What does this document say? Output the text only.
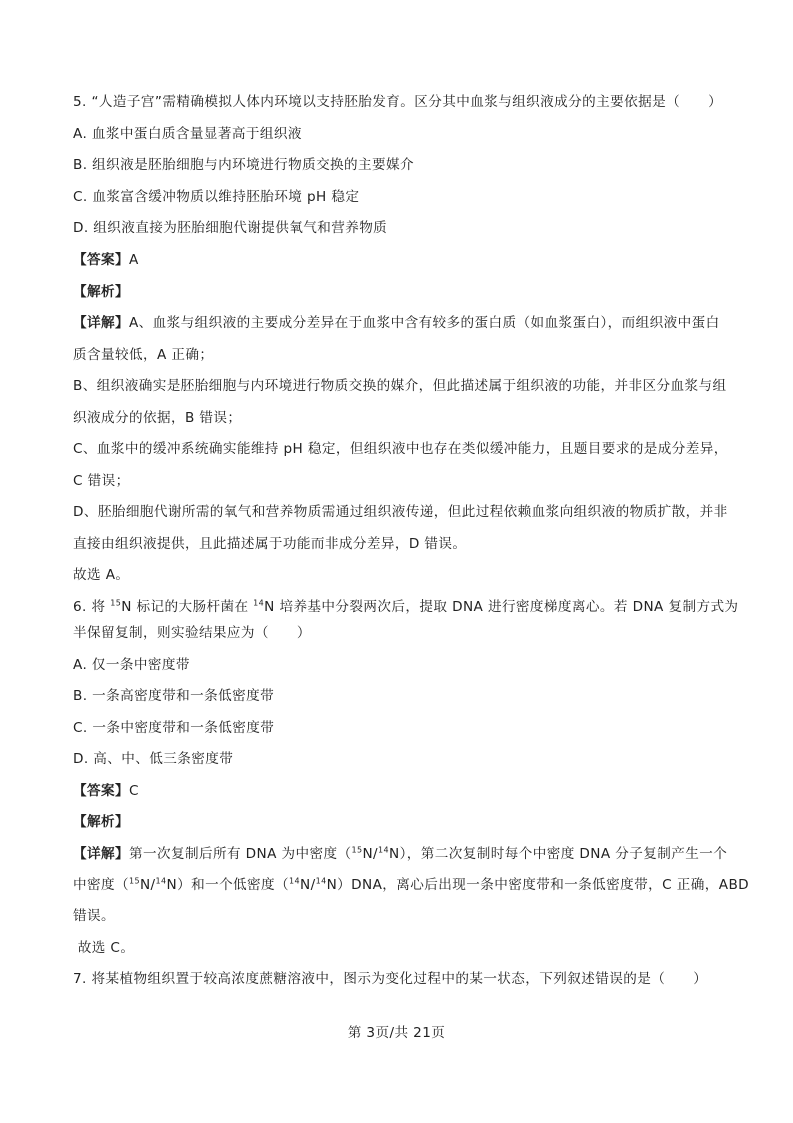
5. “人造子宫”需精确模拟人体内环境以支持胚胎发育。区分其中血浆与组织液成分的主要依据是（　　）
A. 血浆中蛋白质含量显著高于组织液
B. 组织液是胚胎细胞与内环境进行物质交换的主要媒介
C. 血浆富含缓冲物质以维持胚胎环境 pH 稳定
D. 组织液直接为胚胎细胞代谢提供氧气和营养物质
【答案】A
【解析】
【详解】A、血浆与组织液的主要成分差异在于血浆中含有较多的蛋白质（如血浆蛋白），而组织液中蛋白
质含量较低，A 正确；
B、组织液确实是胚胎细胞与内环境进行物质交换的媒介，但此描述属于组织液的功能，并非区分血浆与组
织液成分的依据，B 错误；
C、血浆中的缓冲系统确实能维持 pH 稳定，但组织液中也存在类似缓冲能力，且题目要求的是成分差异，
C 错误；
D、胚胎细胞代谢所需的氧气和营养物质需通过组织液传递，但此过程依赖血浆向组织液的物质扩散，并非
直接由组织液提供，且此描述属于功能而非成分差异，D 错误。
故选 A。
6. 将 $^{15}$N 标记的大肠杆菌在 $^{14}$N 培养基中分裂两次后，提取 DNA 进行密度梯度离心。若 DNA 复制方式为
半保留复制，则实验结果应为（　　）
A. 仅一条中密度带
B. 一条高密度带和一条低密度带
C. 一条中密度带和一条低密度带
D. 高、中、低三条密度带
【答案】C
【解析】
【详解】第一次复制后所有 DNA 为中密度（$^{15}$N/$^{14}$N），第二次复制时每个中密度 DNA 分子复制产生一个
中密度（$^{15}$N/$^{14}$N）和一个低密度（$^{14}$N/$^{14}$N）DNA，离心后出现一条中密度带和一条低密度带，C 正确，ABD
错误。
故选 C。
7. 将某植物组织置于较高浓度蔗糖溶液中，图示为变化过程中的某一状态，下列叙述错误的是（　　）
第 3页/共 21页
